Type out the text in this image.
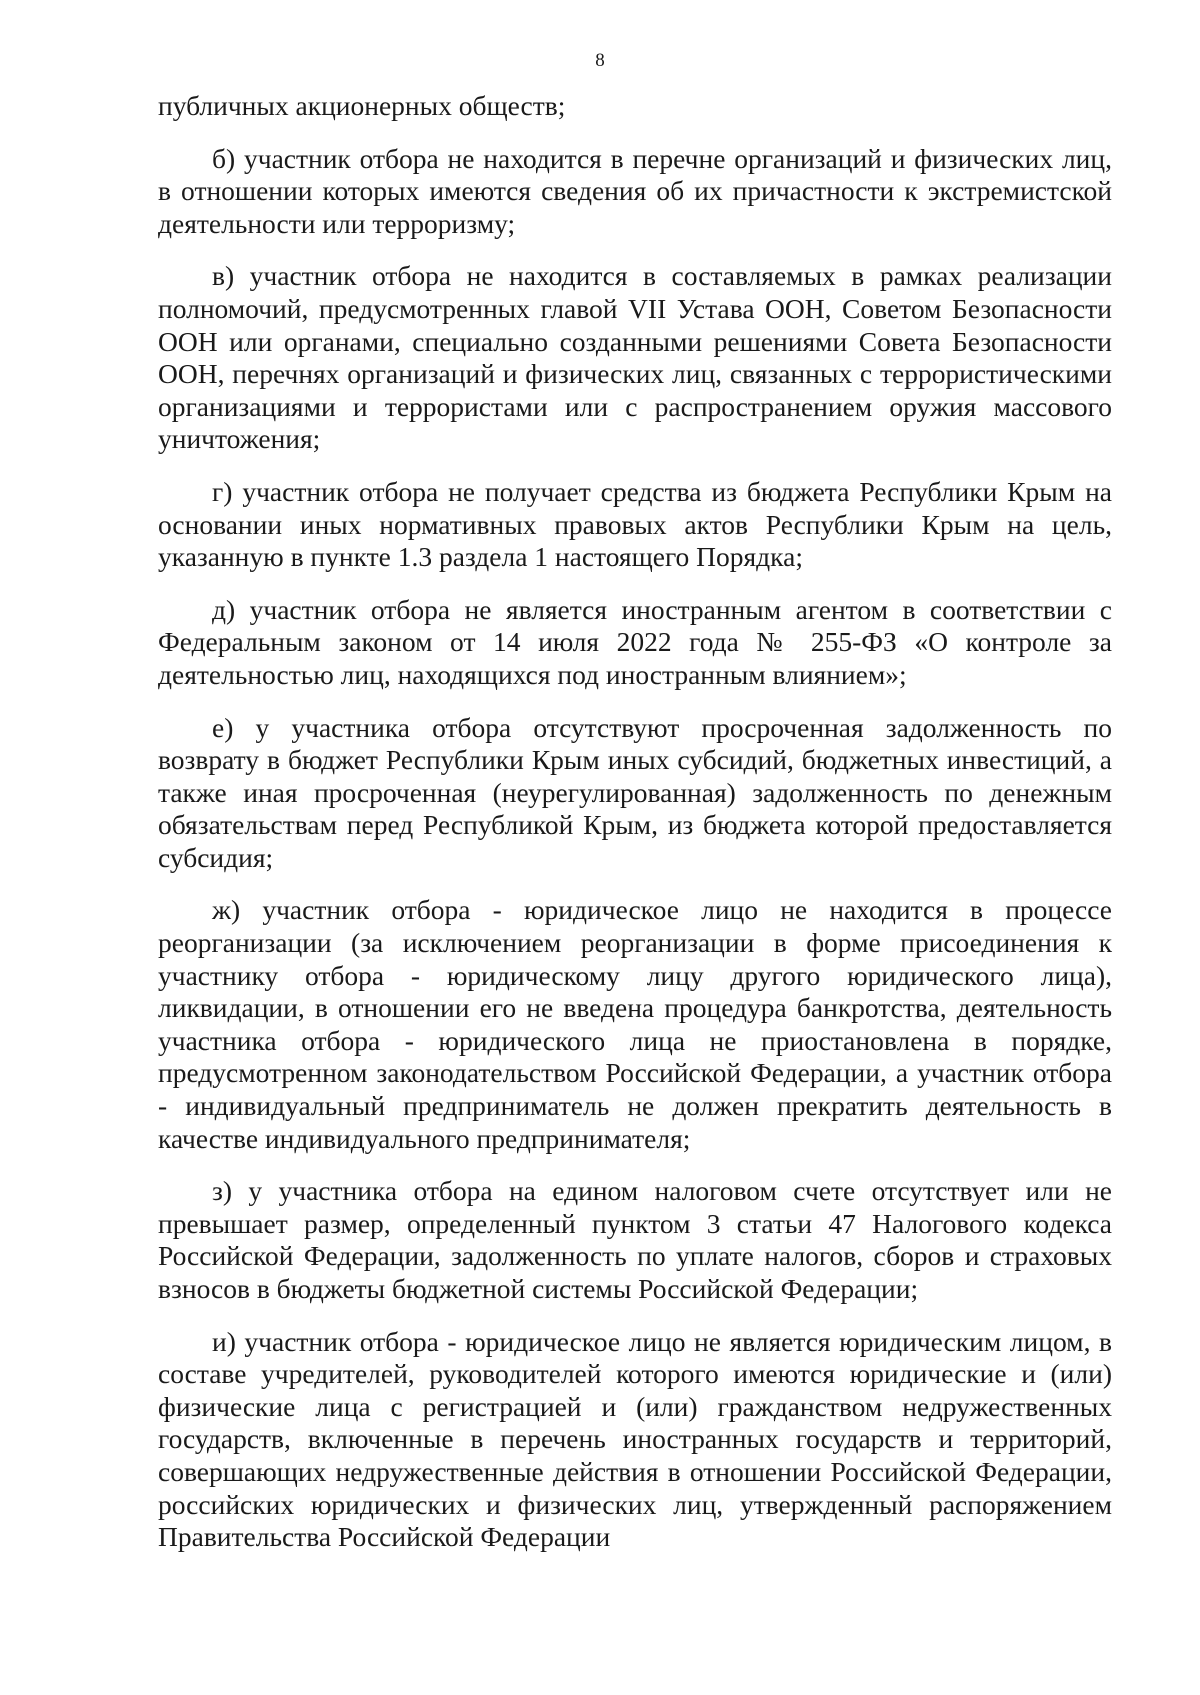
8

публичных акционерных обществ;

б) участник отбора не находится в перечне организаций и физических лиц, в отношении которых имеются сведения об их причастности к экстремистской деятельности или терроризму;

в) участник отбора не находится в составляемых в рамках реализации полномочий, предусмотренных главой VII Устава ООН, Советом Безопасности ООН или органами, специально созданными решениями Совета Безопасности ООН, перечнях организаций и физических лиц, связанных с террористическими организациями и террористами или с распространением оружия массового уничтожения;

г) участник отбора не получает средства из бюджета Республики Крым на основании иных нормативных правовых актов Республики Крым на цель, указанную в пункте 1.3 раздела 1 настоящего Порядка;

д) участник отбора не является иностранным агентом в соответствии с Федеральным законом от 14 июля 2022 года № 255-ФЗ «О контроле за деятельностью лиц, находящихся под иностранным влиянием»;

е) у участника отбора отсутствуют просроченная задолженность по возврату в бюджет Республики Крым иных субсидий, бюджетных инвестиций, а также иная просроченная (неурегулированная) задолженность по денежным обязательствам перед Республикой Крым, из бюджета которой предоставляется субсидия;

ж) участник отбора - юридическое лицо не находится в процессе реорганизации (за исключением реорганизации в форме присоединения к участнику отбора - юридическому лицу другого юридического лица), ликвидации, в отношении его не введена процедура банкротства, деятельность участника отбора - юридического лица не приостановлена в порядке, предусмотренном законодательством Российской Федерации, а участник отбора - индивидуальный предприниматель не должен прекратить деятельность в качестве индивидуального предпринимателя;

з) у участника отбора на едином налоговом счете отсутствует или не превышает размер, определенный пунктом 3 статьи 47 Налогового кодекса Российской Федерации, задолженность по уплате налогов, сборов и страховых взносов в бюджеты бюджетной системы Российской Федерации;

и) участник отбора - юридическое лицо не является юридическим лицом, в составе учредителей, руководителей которого имеются юридические и (или) физические лица с регистрацией и (или) гражданством недружественных государств, включенные в перечень иностранных государств и территорий, совершающих недружественные действия в отношении Российской Федерации, российских юридических и физических лиц, утвержденный распоряжением Правительства Российской Федерации
